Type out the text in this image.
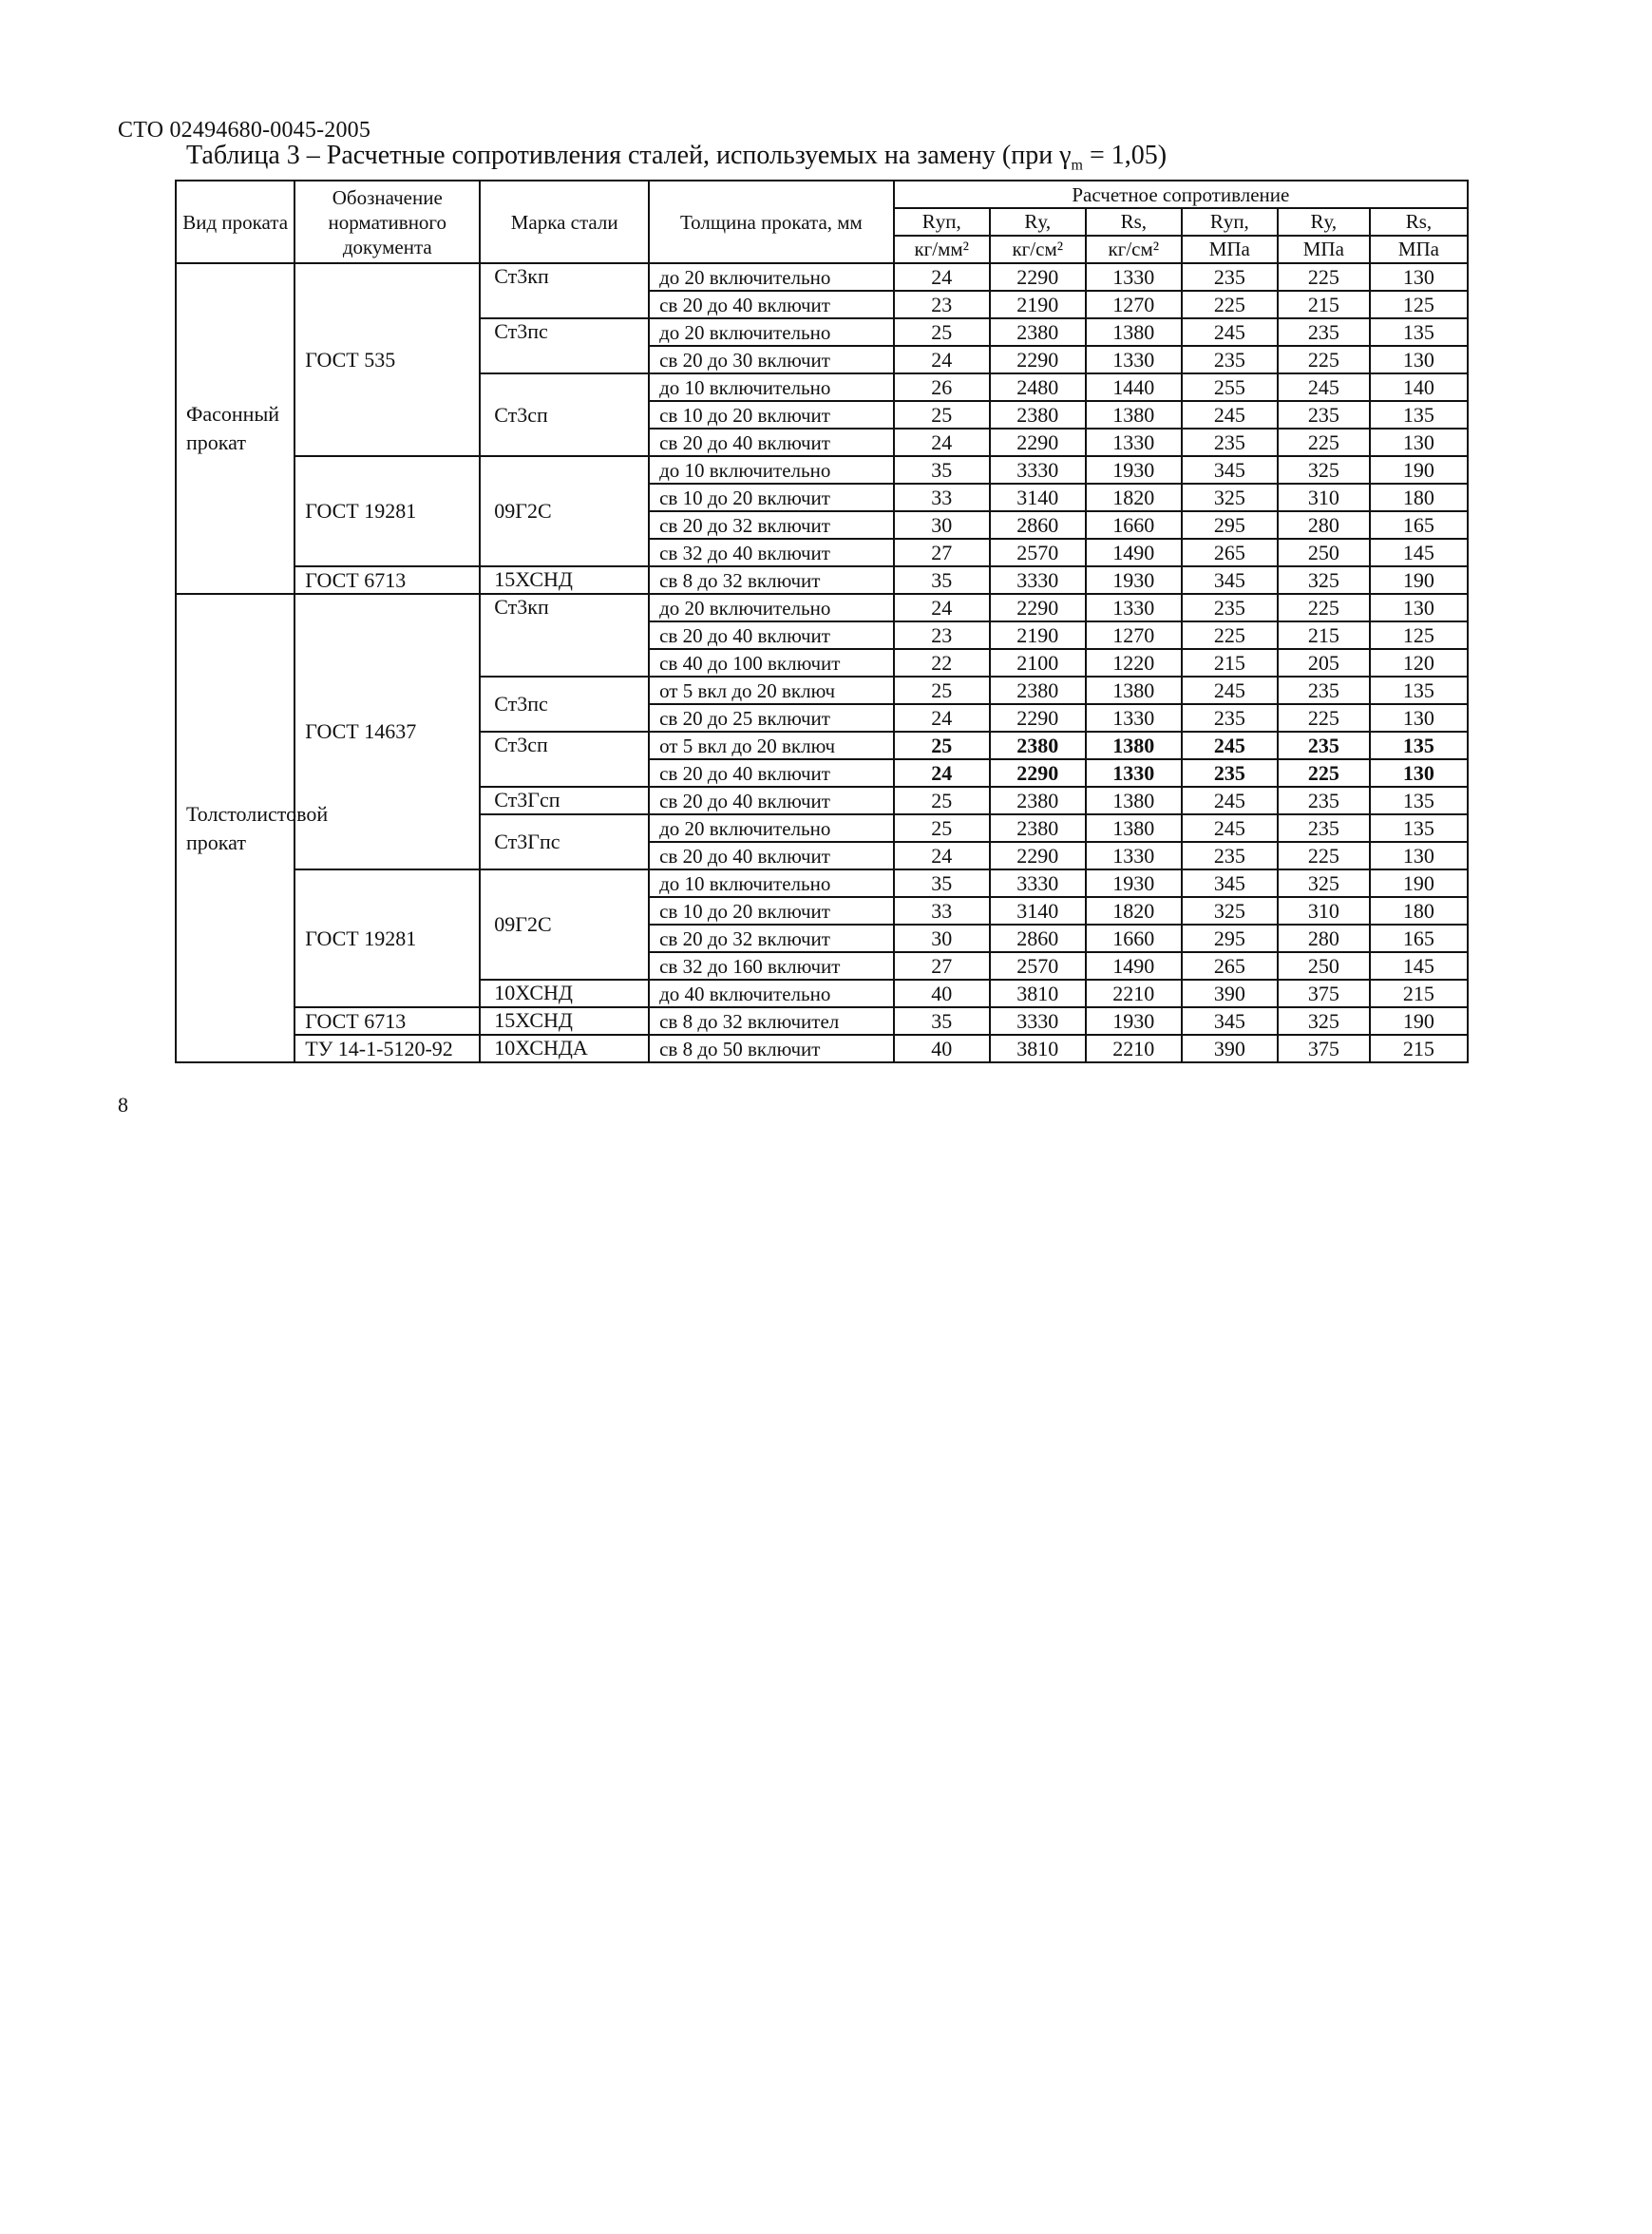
СТО 02494680-0045-2005
Таблица 3 – Расчетные сопротивления сталей, используемых на замену (при $\gamma_m = 1,05$)
Вид проката	Обозначение нормативного документа	Марка стали	Толщина проката, мм	Расчетное сопротивление					
				Rуп,	Rу,	Rs,	Rуп,	Rу,	Rs,
				кг/мм²	кг/см²	кг/см²	МПа	МПа	МПа
Фасонный прокат	ГОСТ 535	Ст3кп	до 20 включительно	24	2290	1330	235	225	130
			св 20 до 40 включит	23	2190	1270	225	215	125
		Ст3пс	до 20 включительно	25	2380	1380	245	235	135
			св 20 до 30 включит	24	2290	1330	235	225	130
		Ст3сп	до 10 включительно	26	2480	1440	255	245	140
			св 10 до 20 включит	25	2380	1380	245	235	135
			св 20 до 40 включит	24	2290	1330	235	225	130
	ГОСТ 19281	09Г2С	до 10 включительно	35	3330	1930	345	325	190
			св 10 до 20 включит	33	3140	1820	325	310	180
			св 20 до 32 включит	30	2860	1660	295	280	165
			св 32 до 40 включит	27	2570	1490	265	250	145
	ГОСТ 6713	15ХСНД	св 8 до 32 включит	35	3330	1930	345	325	190
Толстолистовой прокат	ГОСТ 14637	Ст3кп	до 20 включительно	24	2290	1330	235	225	130
			св 20 до 40 включит	23	2190	1270	225	215	125
			св 40 до 100 включит	22	2100	1220	215	205	120
		Ст3пс	от 5 вкл до 20 включ	25	2380	1380	245	235	135
			св 20 до 25 включит	24	2290	1330	235	225	130
		Ст3сп	от 5 вкл до 20 включ	25	2380	1380	245	235	135
			св 20 до 40 включит	24	2290	1330	235	225	130
		Ст3Гсп	св 20 до 40 включит	25	2380	1380	245	235	135
		Ст3Гпс	до 20 включительно	25	2380	1380	245	235	135
			св 20 до 40 включит	24	2290	1330	235	225	130
	ГОСТ 19281	09Г2С	до 10 включительно	35	3330	1930	345	325	190
			св 10 до 20 включит	33	3140	1820	325	310	180
			св 20 до 32 включит	30	2860	1660	295	280	165
			св 32 до 160 включит	27	2570	1490	265	250	145
		10ХСНД	до 40 включительно	40	3810	2210	390	375	215
	ГОСТ 6713	15ХСНД	св 8 до 32 включител	35	3330	1930	345	325	190
	ТУ 14-1-5120-92	10ХСНДА	св 8 до 50 включит	40	3810	2210	390	375	215
8
